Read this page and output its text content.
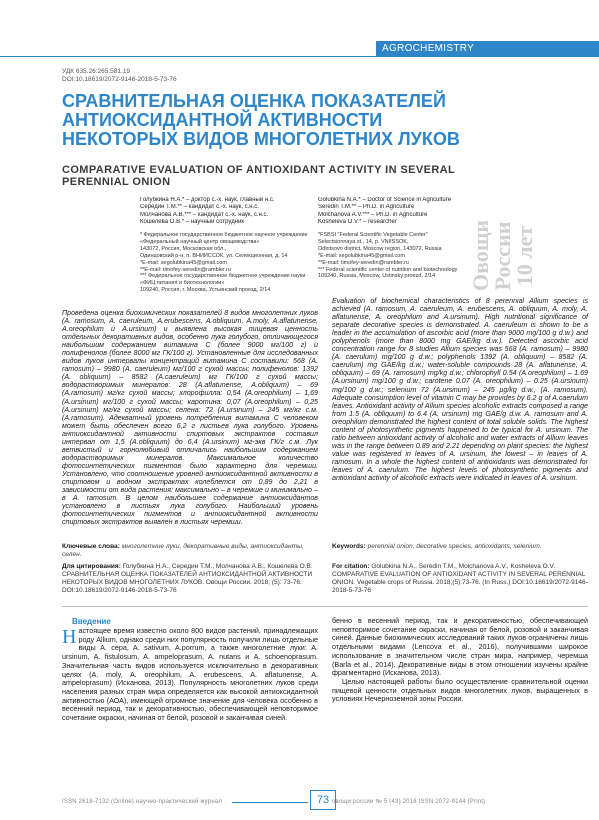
AGROCHEMISTRY
УДК 635.26:265.581.19
DOI:10.18619/2072-9146-2018-5-73-76
СРАВНИТЕЛЬНАЯ ОЦЕНКА ПОКАЗАТЕЛЕЙ АНТИОКСИДАНТНОЙ АКТИВНОСТИ НЕКОТОРЫХ ВИДОВ МНОГОЛЕТНИХ ЛУКОВ
COMPARATIVE EVALUATION OF ANTIOXIDANT ACTIVITY IN SEVERAL PERENNIAL ONION
Овощи России 10 лет

Голубкина Н.А.* – доктор с.-х. наук, главный н.с.

Середин Т.М.** – кандидат с.-х. наук, с.н.с.

Молчанова А.В.*** – кандидат с.-х. наук, с.н.с.

Кошелева О.В.* – научный сотрудник

Golubkina N.A.* – Doctor of Science in Agriculture

Seredin T.M.** – Ph.D. in Agriculture

Molchanova A.V.*** – Ph.D. in Agriculture

Kosheleva O.V.* – researcher

* Федеральное государственное бюджетное научное учреждение

«Федеральный научный центр овощеводства»

143072, Россия, Московская обл.,

Одинцовский р-н, п. ВНИИССОК, ул. Селекционная, д. 14

*E-mail: segolubkina45@gmail.com

**E-mail: timofey-seredin@rambler.ru

*** Федеральное государственное бюджетное учреждение науки

«ФИЦ питания и биотехнологии»

109240, Россия, г. Москва, Устьинский проезд, 2/14

*FSBSI "Federal Scientific Vegetable Center"

Selectsionnaya st., 14, p. VNIISSOK,

Odintsovo district, Moscow region, 143072, Russia

*E-mail: segolubkina45@gmail.com

**E-mail: timofey-seredin@rambler.ru

*** Federal scientific center of nutrition and biotechnology

109240, Russia, Moscow, Ustinsky proezd, 2/14

Проведена оценка биохимических показателей 8 видов многолетних луков (A. ramosum, A. caeruleum, A.erubescens, A.obliquum, A.moly, A.aflatunense, A.oreophilum и A.ursinum) и выявлена высокая пищевая ценность отдельных декоративных видов, особенно лука голубого, отличающегося наибольшим содержанием витамина С (более 9000 мг/100 г) и полифенолов (более 8000 мг ГК/100 г). Установленные для исследованных видов луков интервалы концентраций витамина С составили: 568 (A. ramosum) – 9980 (A. caeruleum) мг/100 г сухой массы; полифенолов: 1392 (A. obliquum) – 8582 (A.caeruleum) мг ГК/100 г сухой массы; водорастворимых минералов: 28 (A.aflatunense, A.obliquum) – 69 (A.ramosum) мг/кг сухой массы; хлорофилла: 0,54 (A.oreophilum) – 1,69 (A.ursinum) мг/100 г сухой массы; каротина: 0,07 (A.oreophilum) – 0,25 (A.ursinum) мг/кг сухой массы; селена: 72 (A.ursinum) – 245 мг/кг с.м. (A.ramosum). Адекватный уровень потребления витамина С человеком может быть обеспечен всего 6,2 г листьев лука голубого. Уровень антиоксидантной активности спиртовых экстрактов составил интервал от 1,5 (A.obliquum) до 6,4 (A.ursinum) мг-экв ГК/г с.м. Лук ветвистый и горнолюбивый отличались наибольшим содержанием водорастворимых минералов. Максимальное количество фотосинтетических пигментов было характерно для черемши. Установлено, что соотношение уровней антиоксидантной активности в спиртовом и водном экстрактах колеблется от 0,89 до 2,21 в зависимости от вида растения: максимально – в черемше и минимально – в A. ramosum. В целом наибольшее содержание антиоксидантов установлено в листьях лука голубого. Наибольший уровень фотосинтетических пигментов и антиоксидантной активности спиртовых экстрактов выявлен в листьях черемши.

Evaluation of biochemical characteristics of 8 perennial Allium species is achieved (A. ramosum, A. caeruleum, A. erubescens, A. obliquum, A. moly, A. aflatunense, A. oreophilum and A.ursinum). High nutritional significance of separate decorative species is demonstrated. A. caeruleum is shown to be a leader in the accumulation of ascorbic acid (more than 9000 mg/100 g d.w.) and polyphenols (more than 8000 mg GAE/kg d.w.). Detected ascorbic acid concentration range for 8 studies Allium species was 568 (A. ramosum) – 9980 (A. caerulum) mg/100 g d.w.; polyphenols 1392 (A. obliquum) – 8582 (A. caerulum) mg GAE/kg d.w.; water-soluble compounds 28 (A. aflatunense, A. obliquum) – 69 (A. ramosum) mg/kg d.w.; chlorophyll 0.54 (A.oreophilum) – 1.69 (A.ursinum) mg/100 g d.w.; carotene 0.07 (A. oreophilum) – 0.25 (A.ursinum) mg/100 g d.w.; selenium 72 (A.ursinum) – 245 µg/kg d.w., (A. ramosum). Adequate consumption level of vitamin C may be provides by 6.2 g of A.caerulum leaves. Antioxidant activity of Allium species alcoholic extracts composed a range from 1.5 (A. obliquum) to 6.4 (A. ursinum) mg GAE/g d.w. A. ramosum and A. oreophilum demonstrated the highest content of total soluble solids. The highest content of photosynthetic pigments happened to be typical for A. ursinum. The ratio between antioxidant activity of alcoholic and water extracts of Allium leaves was in the range between 0.89 and 2.21 depending on plant species: the highest value was registered in leaves of A. ursinum, the lowest – in leaves of A. ramosum. In a whole the highest content of antioxidants was demonstrated for leaves of A. caerulum. The highest levels of photosynthetic pigments and antioxidant activity of alcoholic extracts were indicated in leaves of A. ursinum.

Ключевые слова: многолетние луки, декоративные виды, антиоксиданты, селен.

Keywords: perennial onion, decorative species, antioxidants, selenium.

Для цитирования: Голубкина Н.А., Середин Т.М., Молчанова А.В., Кошелева О.В. СРАВНИТЕЛЬНАЯ ОЦЕНКА ПОКАЗАТЕЛЕЙ АНТИОКСИДАНТНОЙ АКТИВНОСТИ НЕКОТОРЫХ ВИДОВ МНОГОЛЕТНИХ ЛУКОВ. Овощи России. 2018; (5): 73-76. DOI:10.18619/2072-9146-2018-5-73-76

For citation: Golubkina N.A., Seredin T.M., Molchanova A.V., Kosheleva O.V. COMPARATIVE EVALUATION OF ANTIOXIDANT ACTIVITY IN SEVERAL PERENNIAL ONION. Vegetable crops of Russia. 2018;(5):73-76. (In Russ.) DOI:10.18619/2072-9146-2018-5-73-76

Введение

Н астоящее время известно около 800 видов растений, принадлежащих роду Allium, однако среди них популярность получили лишь отдельные виды A. cepa, A. sativum, A.porrum, а также многолетние луки: A. ursinum, A. fistulosum, A. ampeloprasum, A. nutans и A. schoenoprasum. Значительная часть видов используется исключительно в декоративных целях (A. moly, A. oreophilum, A. erubescens, A. aflatunense, A. ampeloprasum) (Исканова, 2013). Популярность многолетних луков среди населения разных стран мира определяется как высокой антиоксидантной активностью (АОА), имеющей огромное значение для человека особенно в весенний период, так и декоративностью, обеспечивающей неповторимое сочетание окраски, начиная от белой, розовой и заканчивая синей.

бенно в весенний период, так и декоративностью, обеспечивающей неповторимое сочетание окраски, начиная от белой, розовой и заканчивая синей. Данные биохимических исследований таких луков ограничены лишь отдельными видами (Lencova et al., 2016), получившими широкое использование в значительном числе стран мира, например, черемша (Barla et al., 2014). Декоративные виды в этом отношении изучены крайне фрагментарно (Исканова, 2013).

Целью настоящей работы было осуществление сравнительной оценки пищевой ценности отдельных видов многолетних луков, выращенных в условиях Нечерноземной зоны России.

ISSN 2618-7132 (Online) научно-практический журнал	73 овощи россии № 5 (43) 2018 ISSN 2072-9144 (Print)
